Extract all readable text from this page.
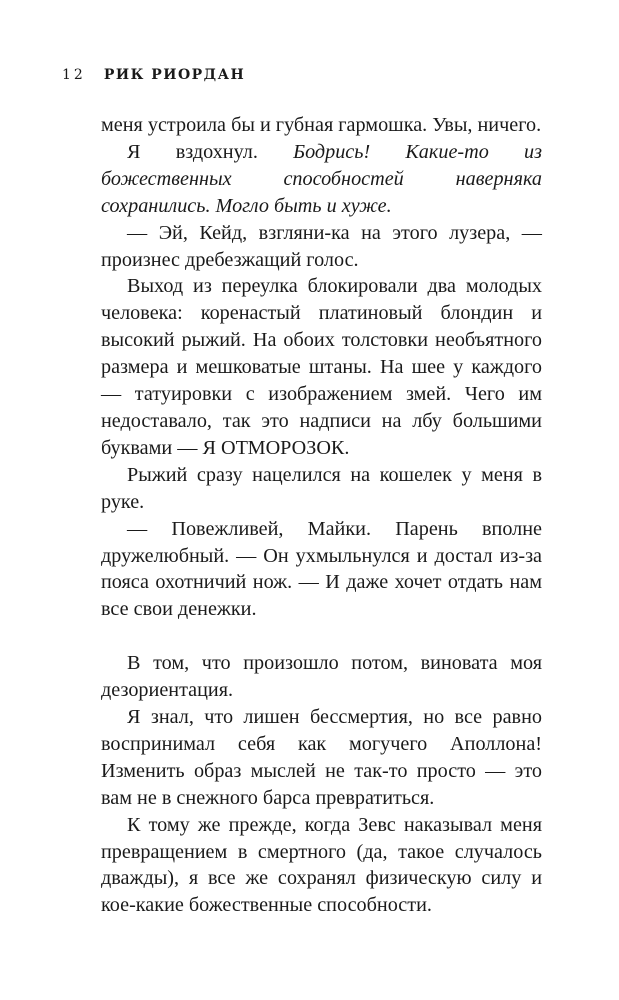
12 РИК РИОРДАН

меня устроила бы и губная гармошка. Увы, ничего.

Я вздохнул. Бодрись! Какие-то из божественных способностей наверняка сохранились. Могло быть и хуже.

— Эй, Кейд, взгляни-ка на этого лузера, — произнес дребезжащий голос.

Выход из переулка блокировали два молодых человека: коренастый платиновый блондин и высокий рыжий. На обоих толстовки необъятного размера и мешковатые штаны. На шее у каждого — татуировки с изображением змей. Чего им недоставало, так это надписи на лбу большими буквами — Я ОТМОРОЗОК.

Рыжий сразу нацелился на кошелек у меня в руке.

— Повежливей, Майки. Парень вполне дружелюбный. — Он ухмыльнулся и достал из-за пояса охотничий нож. — И даже хочет отдать нам все свои денежки.

В том, что произошло потом, виновата моя дезориентация.

Я знал, что лишен бессмертия, но все равно воспринимал себя как могучего Аполлона! Изменить образ мыслей не так-то просто — это вам не в снежного барса превратиться.

К тому же прежде, когда Зевс наказывал меня превращением в смертного (да, такое случалось дважды), я все же сохранял физическую силу и кое-какие божественные способности.
